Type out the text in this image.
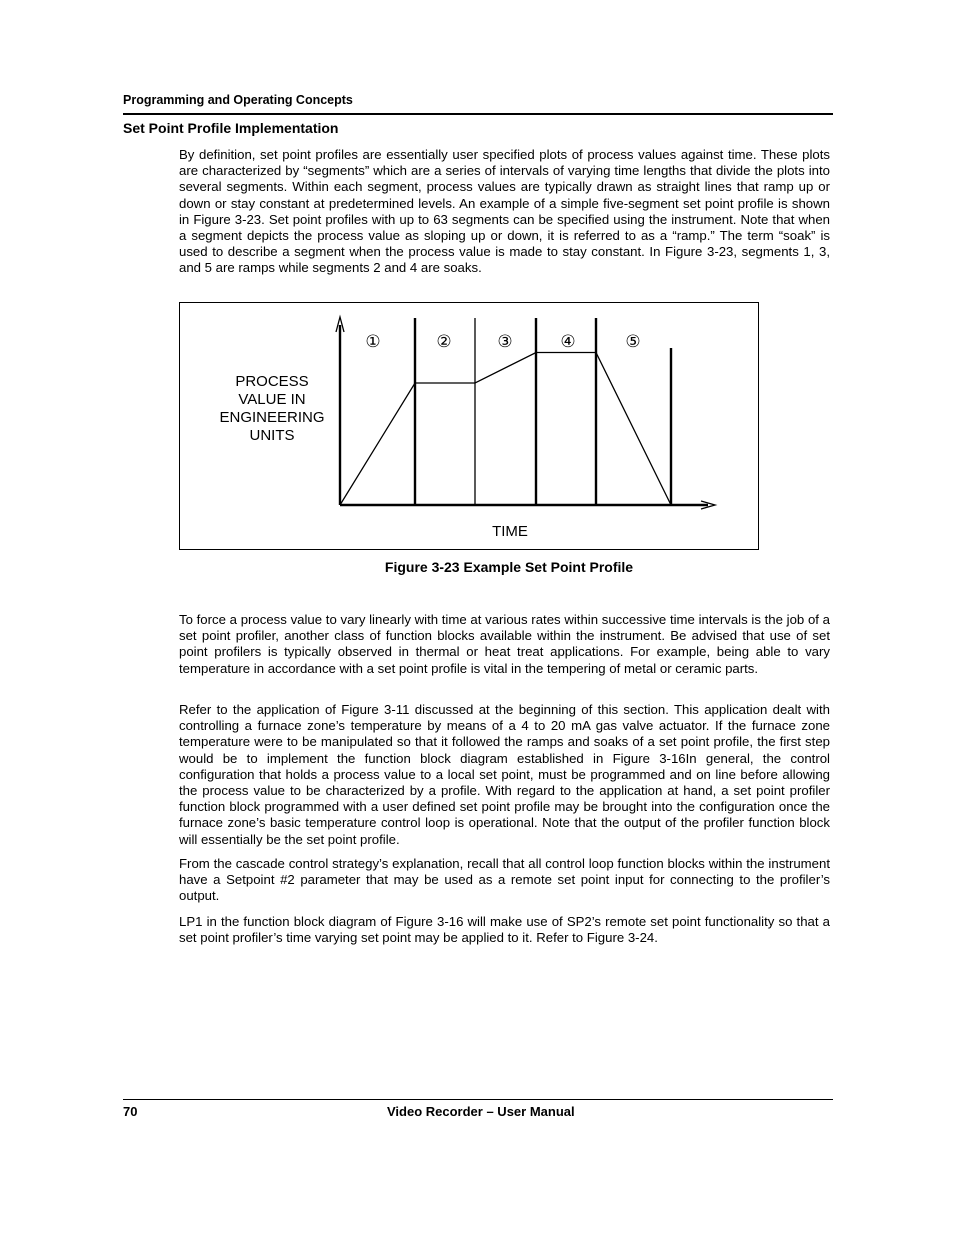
Programming and Operating Concepts
Set Point Profile Implementation

By definition, set point profiles are essentially user specified plots of process values against time. These plots are characterized by “segments” which are a series of intervals of varying time lengths that divide the plots into several segments. Within each segment, process values are typically drawn as straight lines that ramp up or down or stay constant at predetermined levels. An example of a simple five-segment set point profile is shown in Figure 3-23. Set point profiles with up to 63 segments can be specified using the instrument. Note that when a segment depicts the process value as sloping up or down, it is referred to as a “ramp.” The term “soak” is used to describe a segment when the process value is made to stay constant. In Figure 3-23, segments 1, 3, and 5 are ramps while segments 2 and 4 are soaks.

PROCESS
VALUE IN
ENGINEERING
UNITS
①	②	③	④	⑤
TIME
Figure 3-23 Example Set Point Profile

To force a process value to vary linearly with time at various rates within successive time intervals is the job of a set point profiler, another class of function blocks available within the instrument. Be advised that use of set point profilers is typically observed in thermal or heat treat applications. For example, being able to vary temperature in accordance with a set point profile is vital in the tempering of metal or ceramic parts.

Refer to the application of Figure 3-11 discussed at the beginning of this section. This application dealt with controlling a furnace zone’s temperature by means of a 4 to 20 mA gas valve actuator. If the furnace zone temperature were to be manipulated so that it followed the ramps and soaks of a set point profile, the first step would be to implement the function block diagram established in Figure 3-16In general, the control configuration that holds a process value to a local set point, must be programmed and on line before allowing the process value to be characterized by a profile. With regard to the application at hand, a set point profiler function block programmed with a user defined set point profile may be brought into the configuration once the furnace zone’s basic temperature control loop is operational. Note that the output of the profiler function block will essentially be the set point profile.

From the cascade control strategy’s explanation, recall that all control loop function blocks within the instrument have a Setpoint #2 parameter that may be used as a remote set point input for connecting to the profiler’s output.

LP1 in the function block diagram of Figure 3-16 will make use of SP2’s remote set point functionality so that a set point profiler’s time varying set point may be applied to it. Refer to Figure 3-24.

70	Video Recorder – User Manual
